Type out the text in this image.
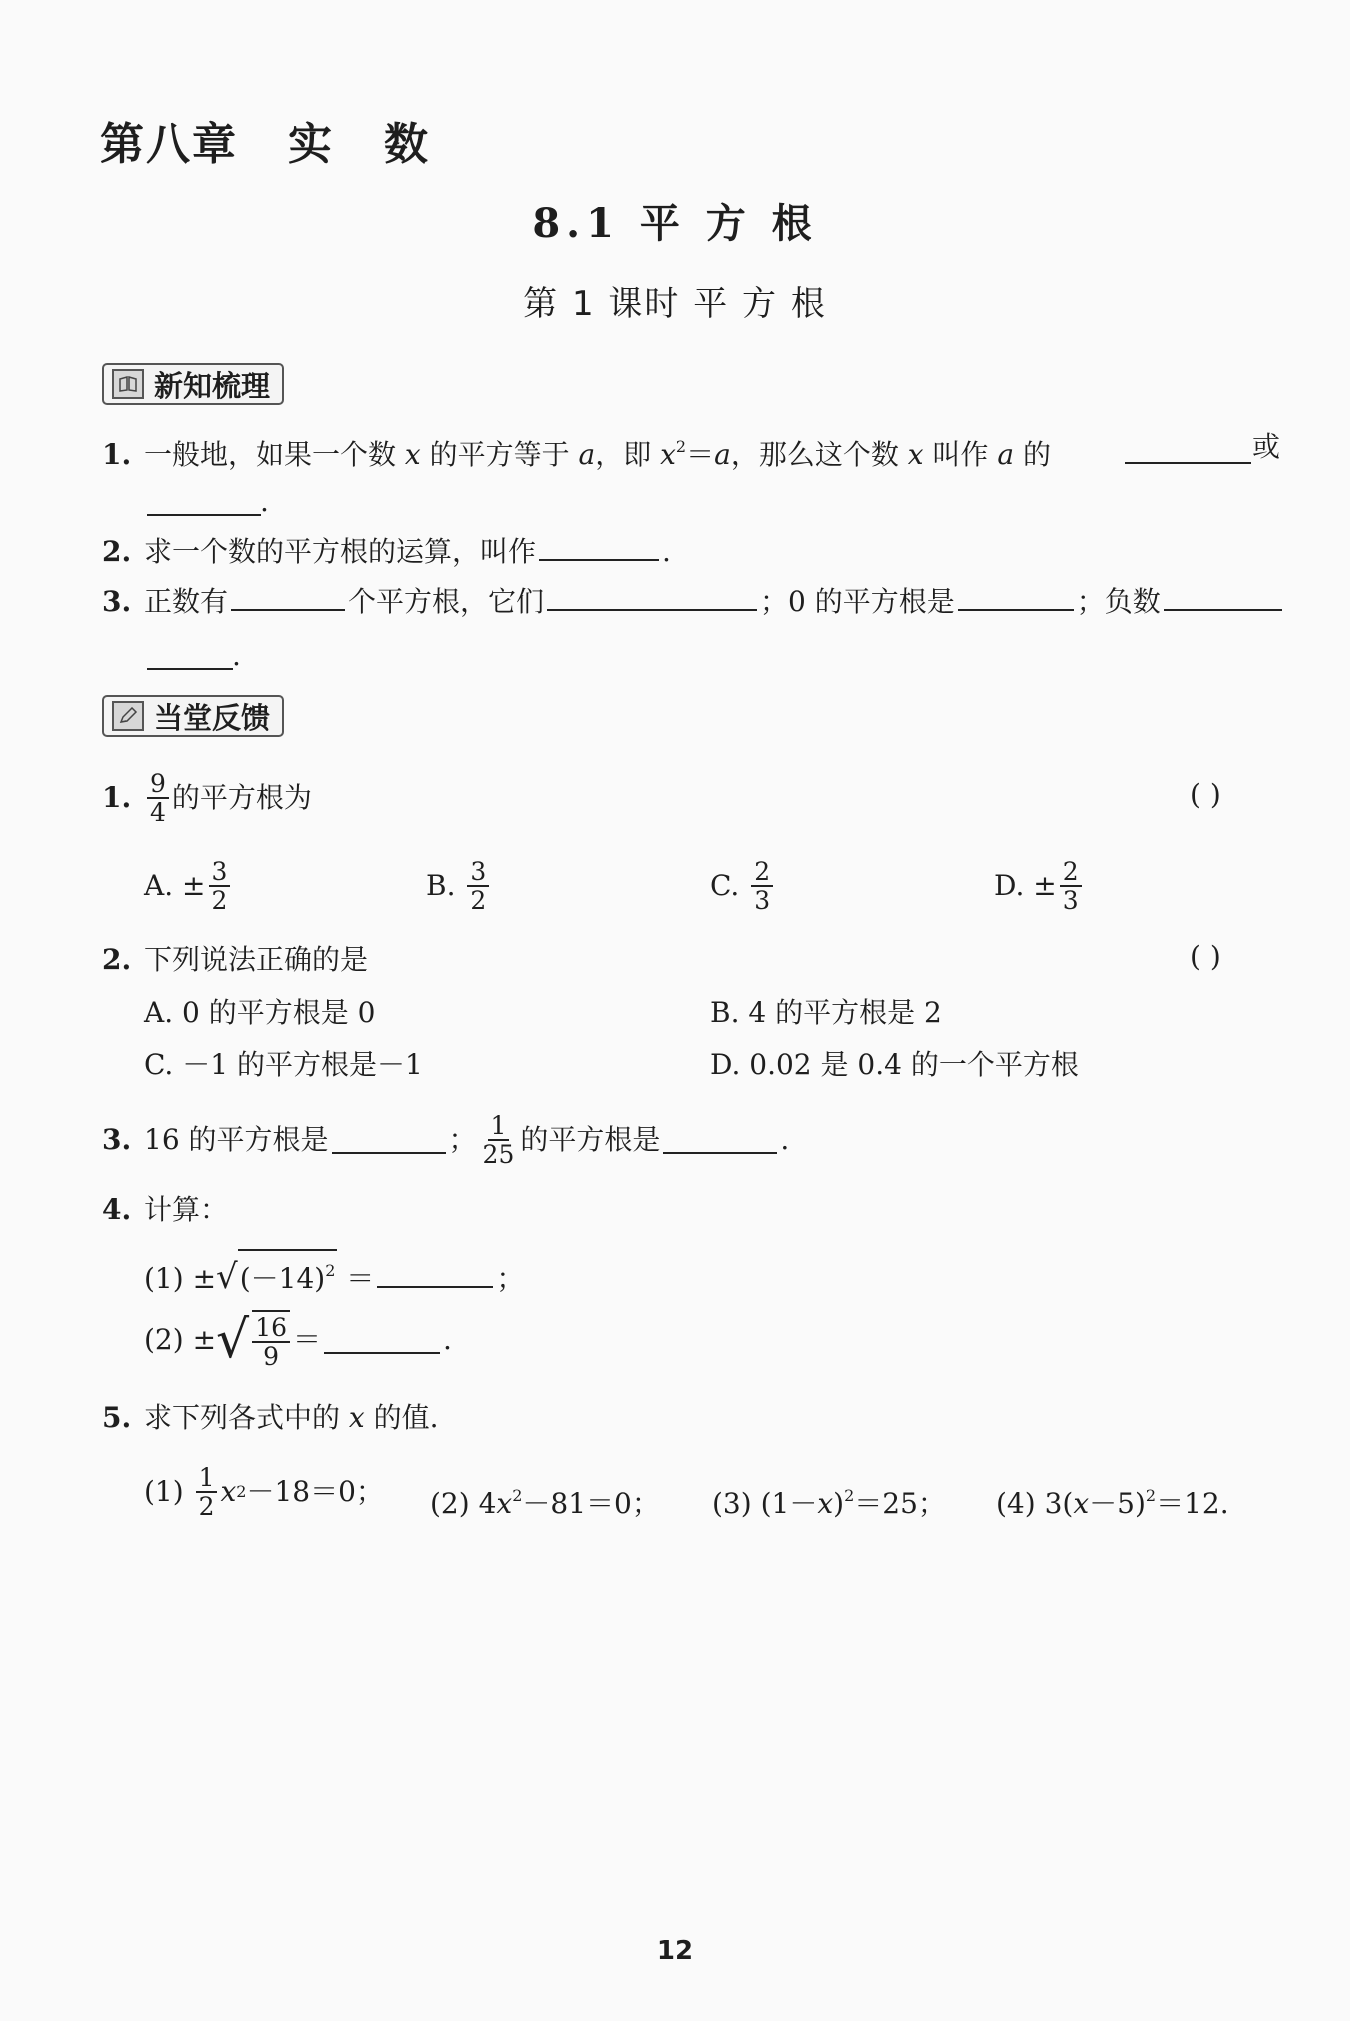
第八章 实 数
8.1 平 方 根
第 1 课时 平 方 根
新知梳理
1. 一般地，如果一个数 x 的平方等于 a，即 $x^2=a$，那么这个数 x 叫作 a 的	或
.
2. 求一个数的平方根的运算，叫作	.
3. 正数有	个平方根，它们	；0 的平方根是	；负数
.
当堂反馈
1. $\frac{9}{4}$ 的平方根为	( )
A.
± $\frac{3}{2}$	B.
$\frac{3}{2}$	C.
$\frac{2}{3}$	D.
± $\frac{2}{3}$
2. 下列说法正确的是	( )
A. 0 的平方根是 0	B. 4 的平方根是 2
C. －1 的平方根是－1	D. 0.02 是 0.4 的一个平方根
3. 16 的平方根是	； $\frac{1}{25}$ 的平方根是	.
4. 计算：
$(1) \pm√(-14)^2$ ＝	；
(2)
± √ $\frac{16}{9}$ ＝	.
5. 求下列各式中的 x 的值.
(1)
$\frac{1}{2}$ x 2 －18＝0； (2) $4x^2-81=0$； (3) $(1-x)^2=25$； (4) $3(x-5)^2=12$.
12
